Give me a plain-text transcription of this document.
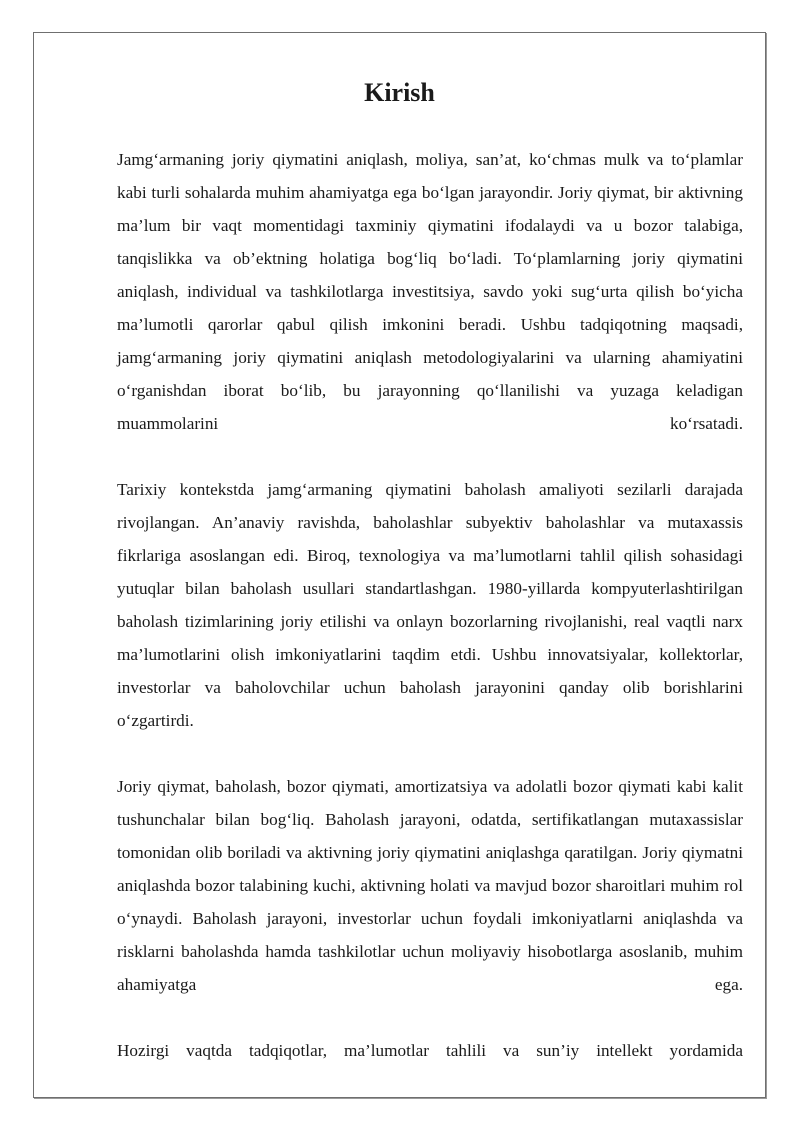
Kirish

Jamg‘armaning joriy qiymatini aniqlash, moliya, san’at, ko‘chmas mulk va to‘plamlar kabi turli sohalarda muhim ahamiyatga ega bo‘lgan jarayondir. Joriy qiymat, bir aktivning ma’lum bir vaqt momentidagi taxminiy qiymatini ifodalaydi va u bozor talabiga, tanqislikka va ob’ektning holatiga bog‘liq bo‘ladi. To‘plamlarning joriy qiymatini aniqlash, individual va tashkilotlarga investitsiya, savdo yoki sug‘urta qilish bo‘yicha ma’lumotli qarorlar qabul qilish imkonini beradi. Ushbu tadqiqotning maqsadi, jamg‘armaning joriy qiymatini aniqlash metodologiyalarini va ularning ahamiyatini o‘rganishdan iborat bo‘lib, bu jarayonning qo‘llanilishi va yuzaga keladigan muammolarini ko‘rsatadi.

Tarixiy kontekstda jamg‘armaning qiymatini baholash amaliyoti sezilarli darajada rivojlangan. An’anaviy ravishda, baholashlar subyektiv baholashlar va mutaxassis fikrlariga asoslangan edi. Biroq, texnologiya va ma’lumotlarni tahlil qilish sohasidagi yutuqlar bilan baholash usullari standartlashgan. 1980-yillarda kompyuterlashtirilgan baholash tizimlarining joriy etilishi va onlayn bozorlarning rivojlanishi, real vaqtli narx ma’lumotlarini olish imkoniyatlarini taqdim etdi. Ushbu innovatsiyalar, kollektorlar, investorlar va baholovchilar uchun baholash jarayonini qanday olib borishlarini o‘zgartirdi.

Joriy qiymat, baholash, bozor qiymati, amortizatsiya va adolatli bozor qiymati kabi kalit tushunchalar bilan bog‘liq. Baholash jarayoni, odatda, sertifikatlangan mutaxassislar tomonidan olib boriladi va aktivning joriy qiymatini aniqlashga qaratilgan. Joriy qiymatni aniqlashda bozor talabining kuchi, aktivning holati va mavjud bozor sharoitlari muhim rol o‘ynaydi. Baholash jarayoni, investorlar uchun foydali imkoniyatlarni aniqlashda va risklarni baholashda hamda tashkilotlar uchun moliyaviy hisobotlarga asoslanib, muhim ahamiyatga ega.

Hozirgi vaqtda tadqiqotlar, ma’lumotlar tahlili va sun’iy intellekt yordamida
